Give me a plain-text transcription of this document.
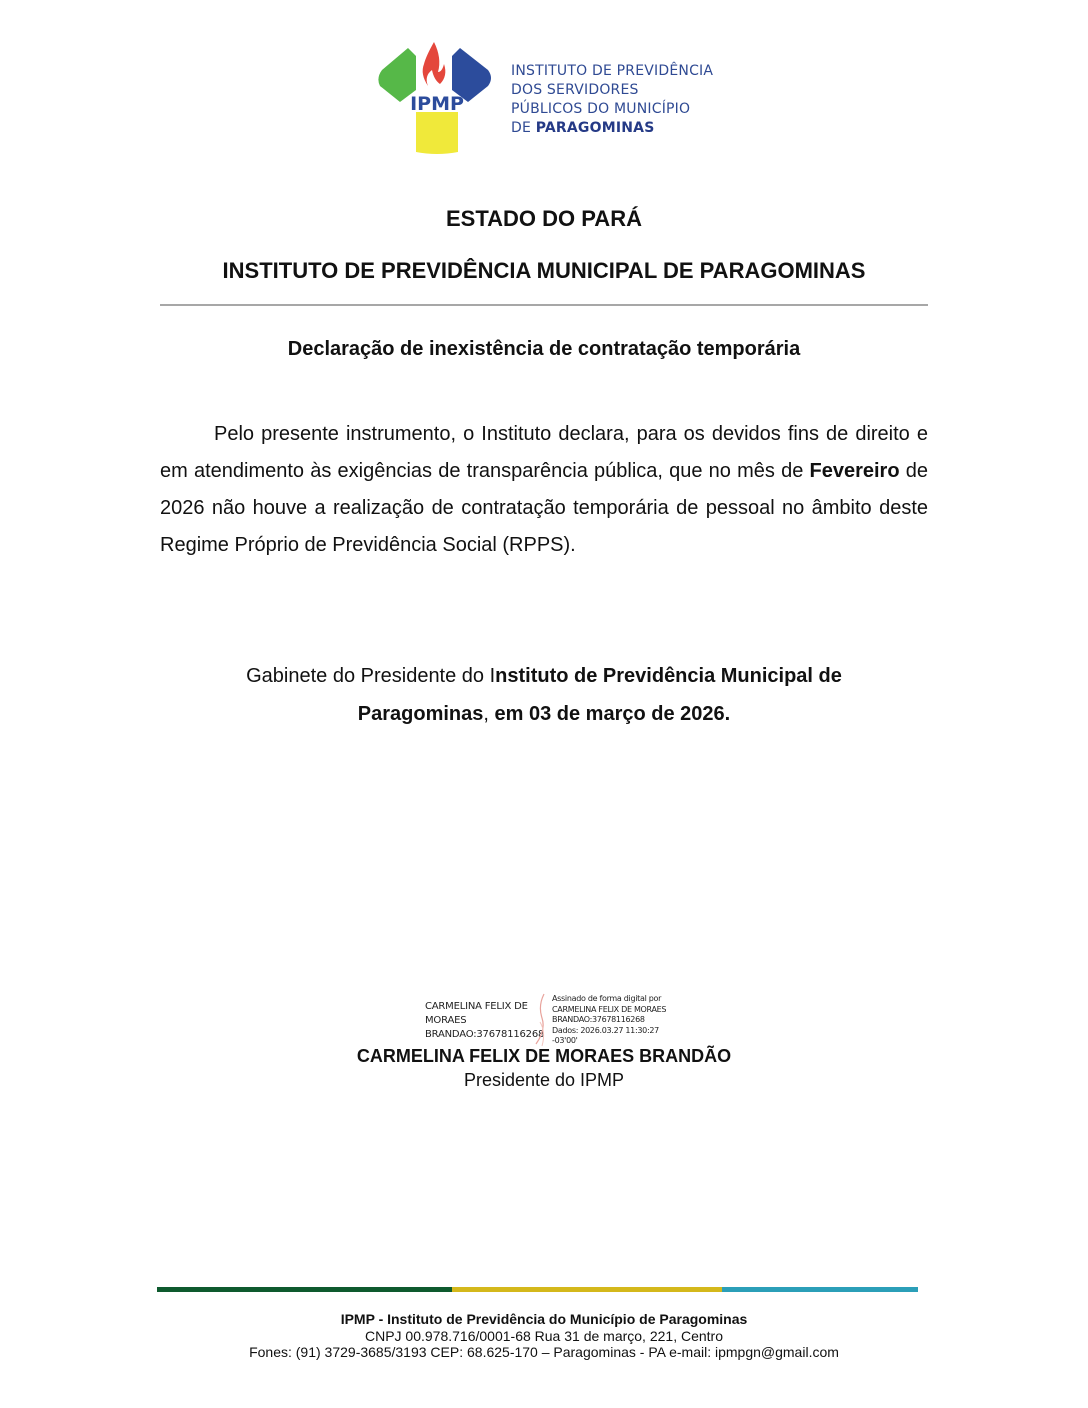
IPMP
INSTITUTO DE PREVIDÊNCIA
DOS SERVIDORES
PÚBLICOS DO MUNICÍPIO
DE PARAGOMINAS
ESTADO DO PARÁ
INSTITUTO DE PREVIDÊNCIA MUNICIPAL DE PARAGOMINAS
Declaração de inexistência de contratação temporária
Pelo presente instrumento, o Instituto declara, para os devidos fins de direito e em atendimento às exigências de transparência pública, que no mês de Fevereiro de 2026 não houve a realização de contratação temporária de pessoal no âmbito deste Regime Próprio de Previdência Social (RPPS).
Gabinete do Presidente do Instituto de Previdência Municipal de Paragominas, em 03 de março de 2026.
CARMELINA FELIX DE
MORAES
BRANDAO:37678116268
Assinado de forma digital por
CARMELINA FELIX DE MORAES
BRANDAO:37678116268
Dados: 2026.03.27 11:30:27
-03'00'
CARMELINA FELIX DE MORAES BRANDÃO
Presidente do IPMP
IPMP - Instituto de Previdência do Município de Paragominas
CNPJ 00.978.716/0001-68 Rua 31 de março, 221, Centro
Fones: (91) 3729-3685/3193 CEP: 68.625-170 – Paragominas - PA e-mail: ipmpgn@gmail.com
